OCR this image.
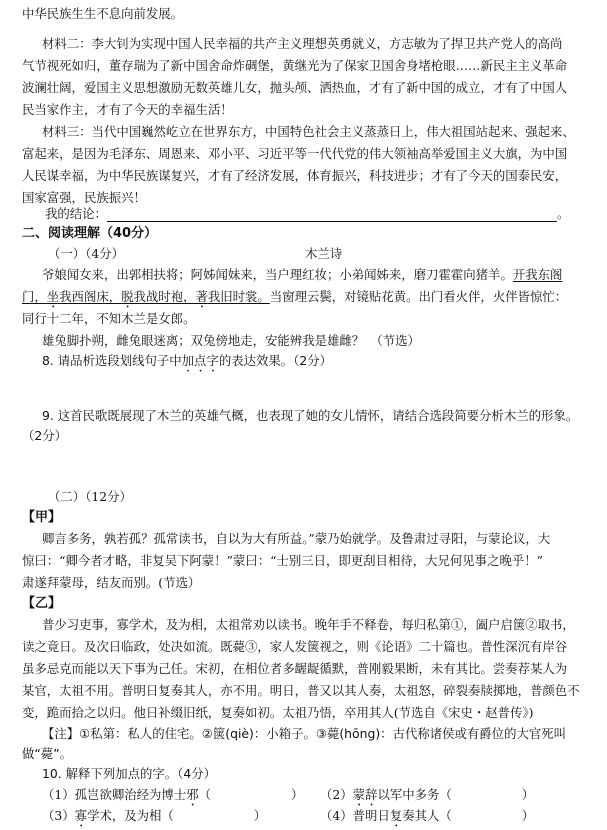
中华民族生生不息向前发展。
材料二：李大钊为实现中国人民幸福的共产主义理想英勇就义，方志敏为了捍卫共产党人的高尚
气节视死如归，董存瑞为了新中国舍命炸碉堡，黄继光为了保家卫国舍身堵枪眼……新民主主义革命
波澜壮阔，爱国主义思想激励无数英雄儿女，抛头颅、洒热血，才有了新中国的成立，才有了中国人
民当家作主，才有了今天的幸福生活！
材料三：当代中国巍然屹立在世界东方，中国特色社会主义蒸蒸日上，伟大祖国站起来、强起来、
富起来，是因为毛泽东、周恩来、邓小平、习近平等一代代党的伟大领袖高举爱国主义大旗，为中国
人民谋幸福，为中华民族谋复兴，才有了经济发展，体育振兴，科技进步；才有了今天的国泰民安，
国家富强，民族振兴！
我的结论：	。
二、阅读理解（40分）
（一）（4分）	木兰诗
爷娘闻女来，出郭相扶将；阿姊闻妹来，当户理红妆；小弟闻姊来，磨刀霍霍向猪羊。开我东阁
门，坐我西阁床，脱我战时袍，著我旧时裳。当窗理云鬓，对镜贴花黄。出门看火伴，火伴皆惊忙：
同行十二年，不知木兰是女郎。
雄兔脚扑朔，雌兔眼迷离；双兔傍地走，安能辨我是雄雌？　（节选）
8. 请品析选段划线句子中加点字的表达效果。（2分）
9. 这首民歌既展现了木兰的英雄气概，也表现了她的女儿情怀，请结合选段简要分析木兰的形象。
（2分）
（二）（12分）
【甲】
卿言多务，孰若孤？孤常读书，自以为大有所益。”蒙乃始就学。及鲁肃过寻阳，与蒙论议，大
惊曰：“卿今者才略，非复吴下阿蒙！”蒙曰：“士别三日，即更刮目相待，大兄何见事之晚乎！”
肃遂拜蒙母，结友而别。(节选）
【乙】
普少习吏事，寡学术，及为相，太祖常劝以读书。晚年手不释卷，每归私第①，阖户启箧②取书，
读之竟日。及次日临政，处决如流。既薨③，家人发箧视之，则《论语》二十篇也。普性深沉有岸谷
虽多忌克而能以天下事为己任。宋初，在相位者多龌龊循默，普刚毅果断，未有其比。尝奏荐某人为
某官，太祖不用。普明日复奏其人，亦不用。明日，普又以其人奏，太祖怒，碎裂奏牍掷地，普颜色不
变，跪而拾之以归。他日补缀旧纸，复奏如初。太祖乃悟，卒用其人(节选自《宋史・赵普传》)
【注】①私第：私人的住宅。②箧(qiè)：小箱子。③薨(hōng)：古代称诸侯或有爵位的大官死叫
做“薨”。
10. 解释下列加点的字。（4分）
（1）孤岂欲卿治经为博士邪（	） （2）蒙辞以军中多务（	）
（3）寡学术，及为相（	）	（4）普明日复奏其人（	）
